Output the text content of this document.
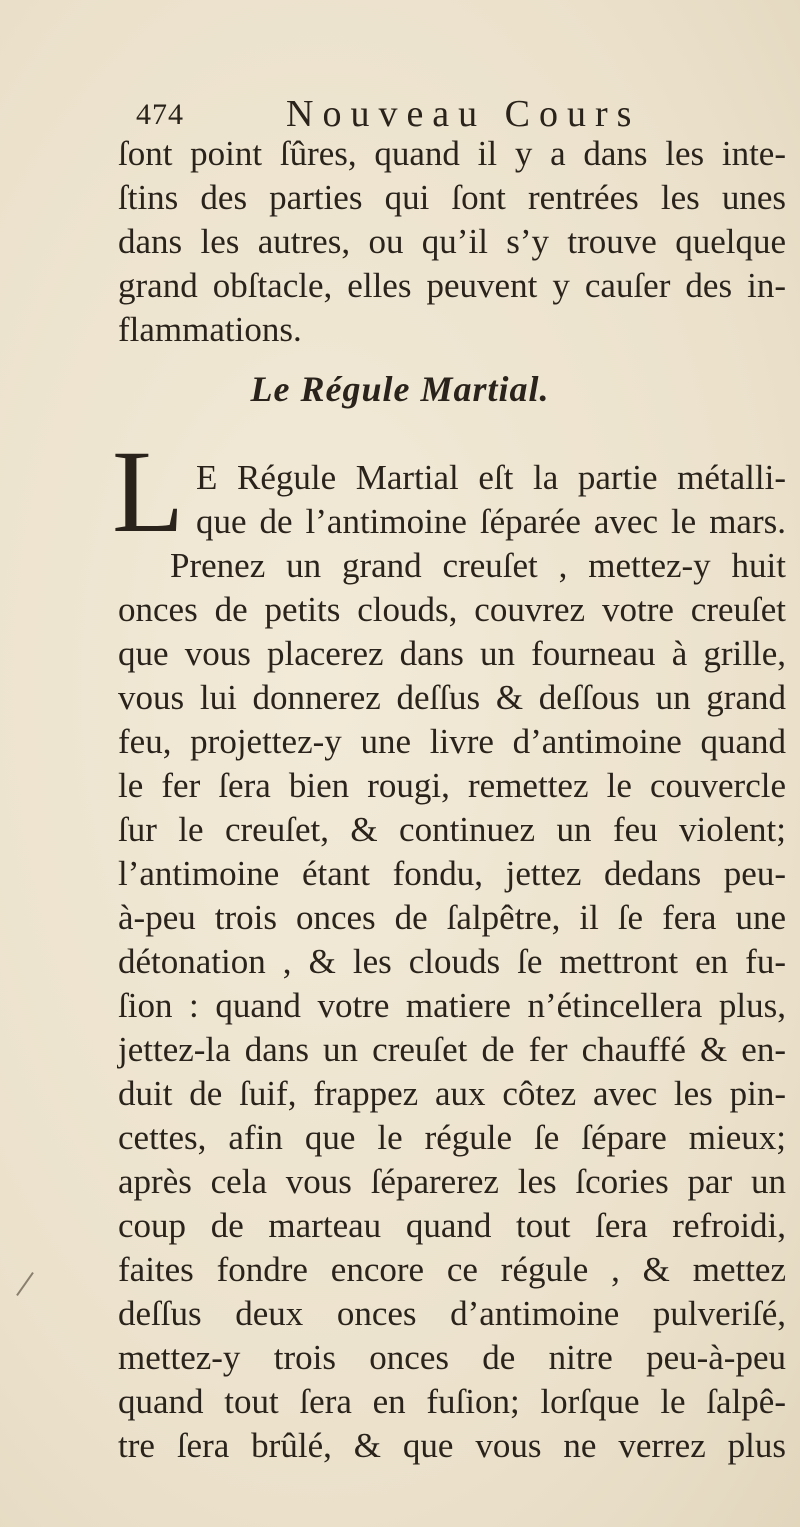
474	Nouveau Cours
ſont point ſûres, quand il y a dans les inte-
ſtins des parties qui ſont rentrées les unes
dans les autres, ou qu’il s’y trouve quelque
grand obſtacle, elles peuvent y cauſer des in-
flammations.
Le Régule Martial.
L E Régule Martial eſt la partie métalli-
que de l’antimoine ſéparée avec le mars.
Prenez un grand creuſet , mettez-y huit
onces de petits clouds, couvrez votre creuſet
que vous placerez dans un fourneau à grille,
vous lui donnerez deſſus & deſſous un grand
feu, projettez-y une livre d’antimoine quand
le fer ſera bien rougi, remettez le couvercle
ſur le creuſet, & continuez un feu violent;
l’antimoine étant fondu, jettez dedans peu-
à-peu trois onces de ſalpêtre, il ſe fera une
détonation , & les clouds ſe mettront en fu-
ſion : quand votre matiere n’étincellera plus,
jettez-la dans un creuſet de fer chauffé & en-
duit de ſuif, frappez aux côtez avec les pin-
cettes, afin que le régule ſe ſépare mieux;
après cela vous ſéparerez les ſcories par un
coup de marteau quand tout ſera refroidi,
faites fondre encore ce régule , & mettez
deſſus deux onces d’antimoine pulveriſé,
mettez-y trois onces de nitre peu-à-peu
quand tout ſera en fuſion; lorſque le ſalpê-
tre ſera brûlé, & que vous ne verrez plus
